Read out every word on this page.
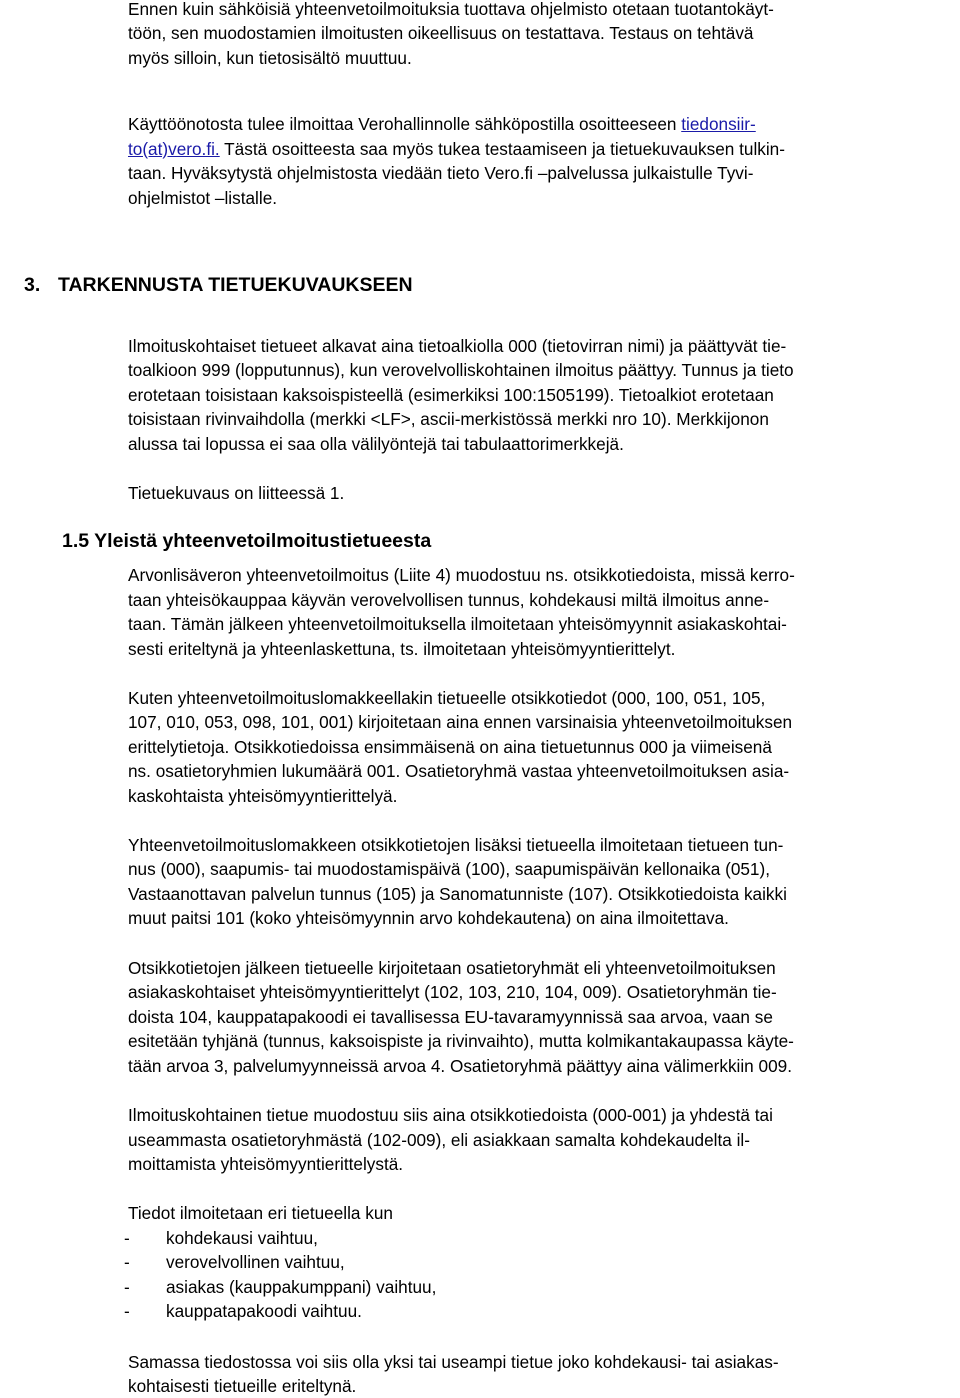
Ennen kuin sähköisiä yhteenvetoilmoituksia tuottava ohjelmisto otetaan tuotantokäyt-
töön, sen muodostamien ilmoitusten oikeellisuus on testattava. Testaus on tehtävä
myös silloin, kun tietosisältö muuttuu.
Käyttöönotosta tulee ilmoittaa Verohallinnolle sähköpostilla osoitteeseen tiedonsiir-
to(at)vero.fi. Tästä osoitteesta saa myös tukea testaamiseen ja tietuekuvauksen tulkin-
taan. Hyväksytystä ohjelmistosta viedään tieto Vero.fi –palvelussa julkaistulle Tyvi-
ohjelmistot –listalle.
3. TARKENNUSTA TIETUEKUVAUKSEEN
Ilmoituskohtaiset tietueet alkavat aina tietoalkiolla 000 (tietovirran nimi) ja päättyvät tie-
toalkioon 999 (lopputunnus), kun verovelvolliskohtainen ilmoitus päättyy. Tunnus ja tieto
erotetaan toisistaan kaksoispisteellä (esimerkiksi 100:1505199). Tietoalkiot erotetaan
toisistaan rivinvaihdolla (merkki <LF>, ascii-merkistössä merkki nro 10). Merkkijonon
alussa tai lopussa ei saa olla välilyöntejä tai tabulaattorimerkkejä.
Tietuekuvaus on liitteessä 1.
1.5 Yleistä yhteenvetoilmoitustietueesta
Arvonlisäveron yhteenvetoilmoitus (Liite 4) muodostuu ns. otsikkotiedoista, missä kerro-
taan yhteisökauppaa käyvän verovelvollisen tunnus, kohdekausi miltä ilmoitus anne-
taan. Tämän jälkeen yhteenvetoilmoituksella ilmoitetaan yhteisömyynnit asiakaskohtai-
sesti eriteltynä ja yhteenlaskettuna, ts. ilmoitetaan yhteisömyyntierittelyt.
Kuten yhteenvetoilmoituslomakkeellakin tietueelle otsikkotiedot (000, 100, 051, 105,
107, 010, 053, 098, 101, 001) kirjoitetaan aina ennen varsinaisia yhteenvetoilmoituksen
erittelytietoja. Otsikkotiedoissa ensimmäisenä on aina tietuetunnus 000 ja viimeisenä
ns. osatietoryhmien lukumäärä 001. Osatietoryhmä vastaa yhteenvetoilmoituksen asia-
kaskohtaista yhteisömyyntierittelyä.
Yhteenvetoilmoituslomakkeen otsikkotietojen lisäksi tietueella ilmoitetaan tietueen tun-
nus (000), saapumis- tai muodostamispäivä (100), saapumispäivän kellonaika (051),
Vastaanottavan palvelun tunnus (105) ja Sanomatunniste (107). Otsikkotiedoista kaikki
muut paitsi 101 (koko yhteisömyynnin arvo kohdekautena) on aina ilmoitettava.
Otsikkotietojen jälkeen tietueelle kirjoitetaan osatietoryhmät eli yhteenvetoilmoituksen
asiakaskohtaiset yhteisömyyntierittelyt (102, 103, 210, 104, 009). Osatietoryhmän tie-
doista 104, kauppatapakoodi ei tavallisessa EU-tavaramyynnissä saa arvoa, vaan se
esitetään tyhjänä (tunnus, kaksoispiste ja rivinvaihto), mutta kolmikantakaupassa käyte-
tään arvoa 3, palvelumyynneissä arvoa 4. Osatietoryhmä päättyy aina välimerkkiin 009.
Ilmoituskohtainen tietue muodostuu siis aina otsikkotiedoista (000-001) ja yhdestä tai
useammasta osatietoryhmästä (102-009), eli asiakkaan samalta kohdekaudelta il-
moittamista yhteisömyyntierittelystä.
Tiedot ilmoitetaan eri tietueella kun
- kohdekausi vaihtuu,
- verovelvollinen vaihtuu,
- asiakas (kauppakumppani) vaihtuu,
- kauppatapakoodi vaihtuu.
Samassa tiedostossa voi siis olla yksi tai useampi tietue joko kohdekausi- tai asiakas-
kohtaisesti tietueille eriteltynä.
